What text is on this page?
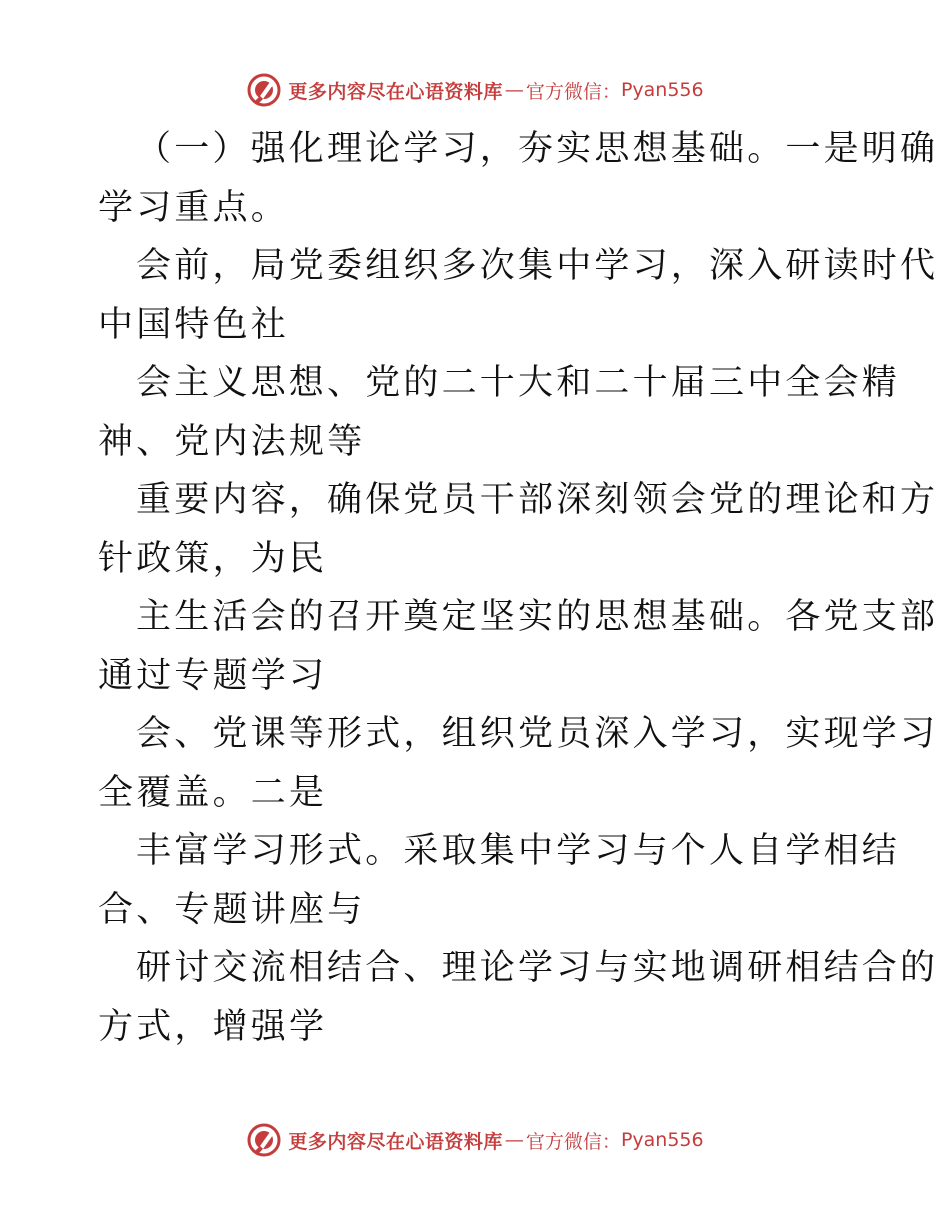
更多内容尽在心语资料库 — 官方微信： Pyan556
（一）强化理论学习，夯实思想基础。一是明确
学习重点。
会前，局党委组织多次集中学习，深入研读时代
中国特色社
会主义思想、党的二十大和二十届三中全会精
神、党内法规等
重要内容，确保党员干部深刻领会党的理论和方
针政策，为民
主生活会的召开奠定坚实的思想基础。各党支部
通过专题学习
会、党课等形式，组织党员深入学习，实现学习
全覆盖。二是
丰富学习形式。采取集中学习与个人自学相结
合、专题讲座与
研讨交流相结合、理论学习与实地调研相结合的
方式，增强学
更多内容尽在心语资料库 — 官方微信： Pyan556
